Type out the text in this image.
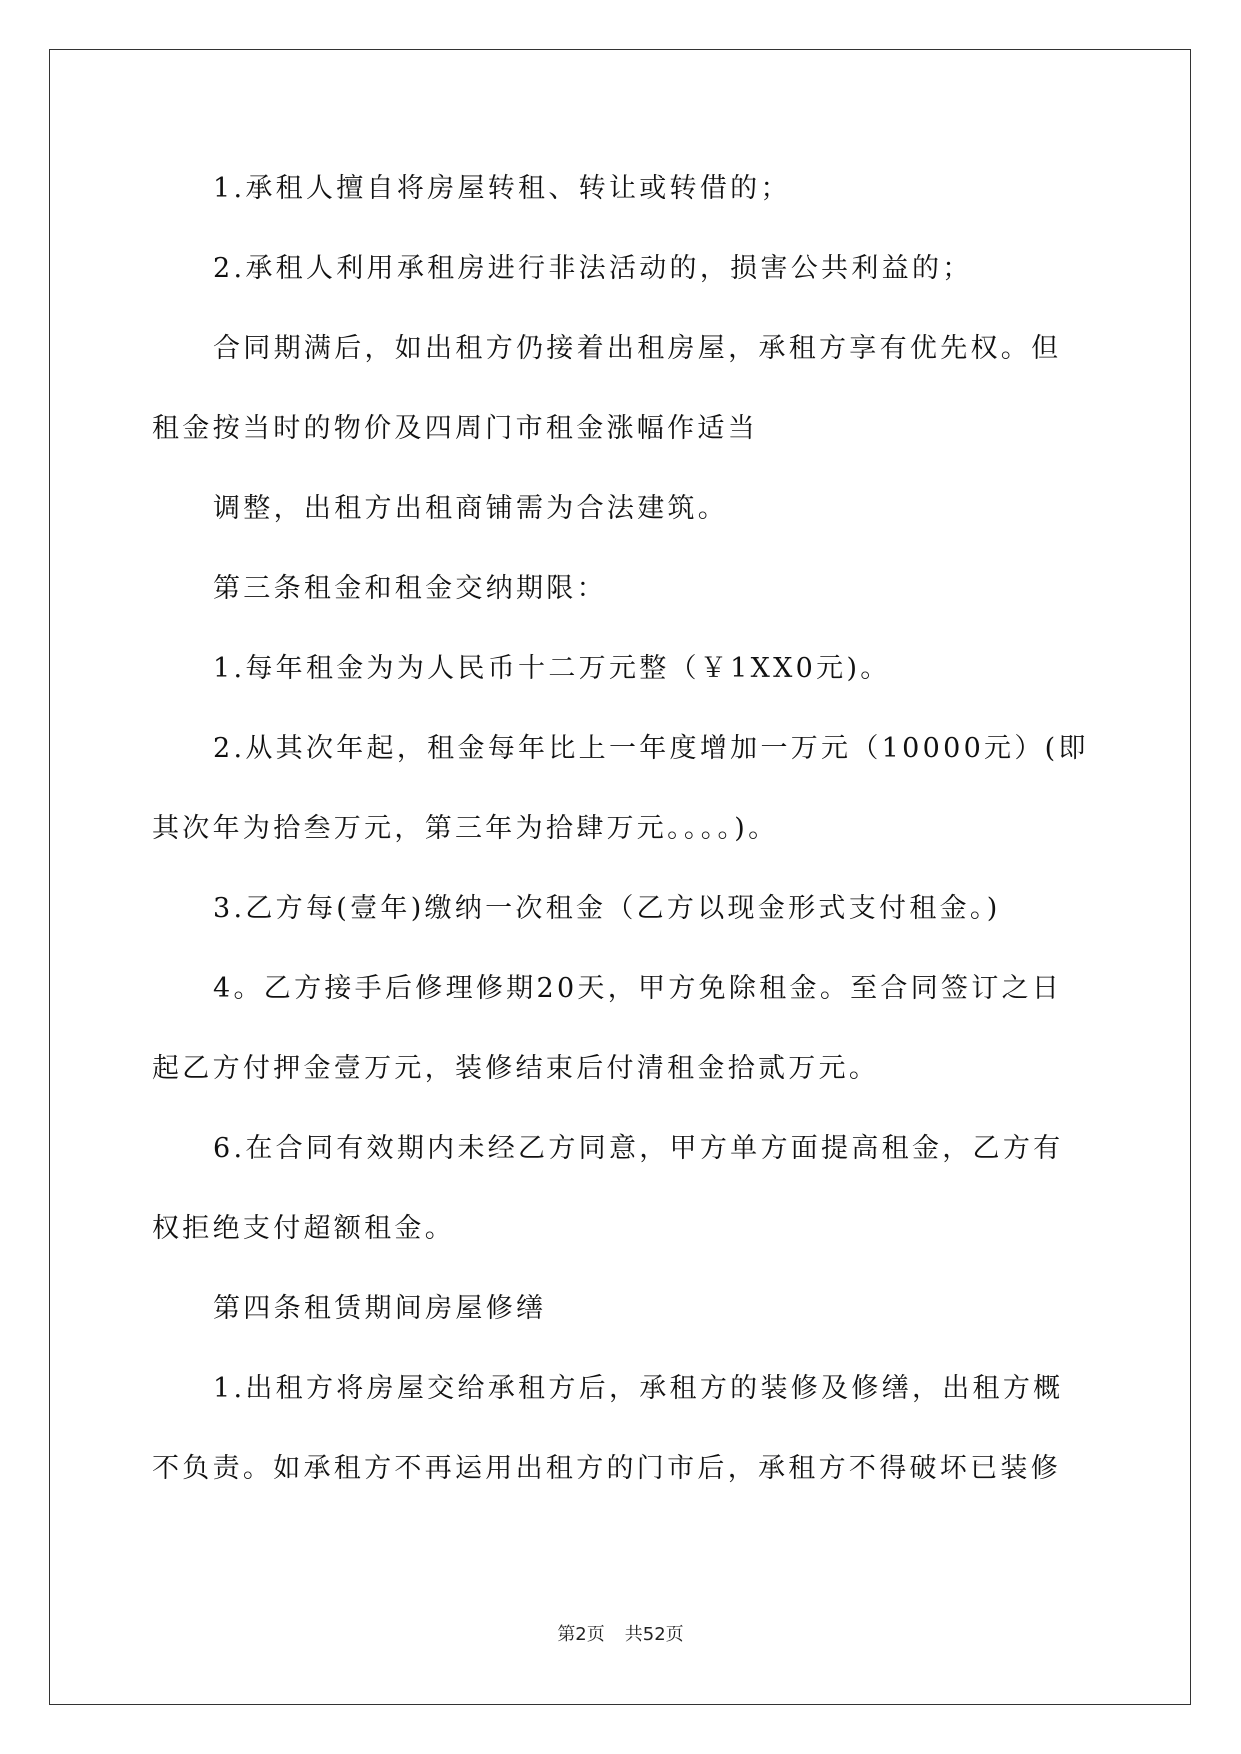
1.承租人擅自将房屋转租、转让或转借的；
2.承租人利用承租房进行非法活动的，损害公共利益的；
合同期满后，如出租方仍接着出租房屋，承租方享有优先权。但
租金按当时的物价及四周门市租金涨幅作适当
调整，出租方出租商铺需为合法建筑。
第三条租金和租金交纳期限：
1.每年租金为为人民币十二万元整（￥1XX0元)。
2.从其次年起，租金每年比上一年度增加一万元（10000元）(即
其次年为拾叁万元，第三年为拾肆万元。。。。)。
3.乙方每(壹年)缴纳一次租金（乙方以现金形式支付租金。)
4。乙方接手后修理修期20天，甲方免除租金。至合同签订之日
起乙方付押金壹万元，装修结束后付清租金拾贰万元。
6.在合同有效期内未经乙方同意，甲方单方面提高租金，乙方有
权拒绝支付超额租金。
第四条租赁期间房屋修缮
1.出租方将房屋交给承租方后，承租方的装修及修缮，出租方概
不负责。如承租方不再运用出租方的门市后，承租方不得破坏已装修
第2页 共52页
